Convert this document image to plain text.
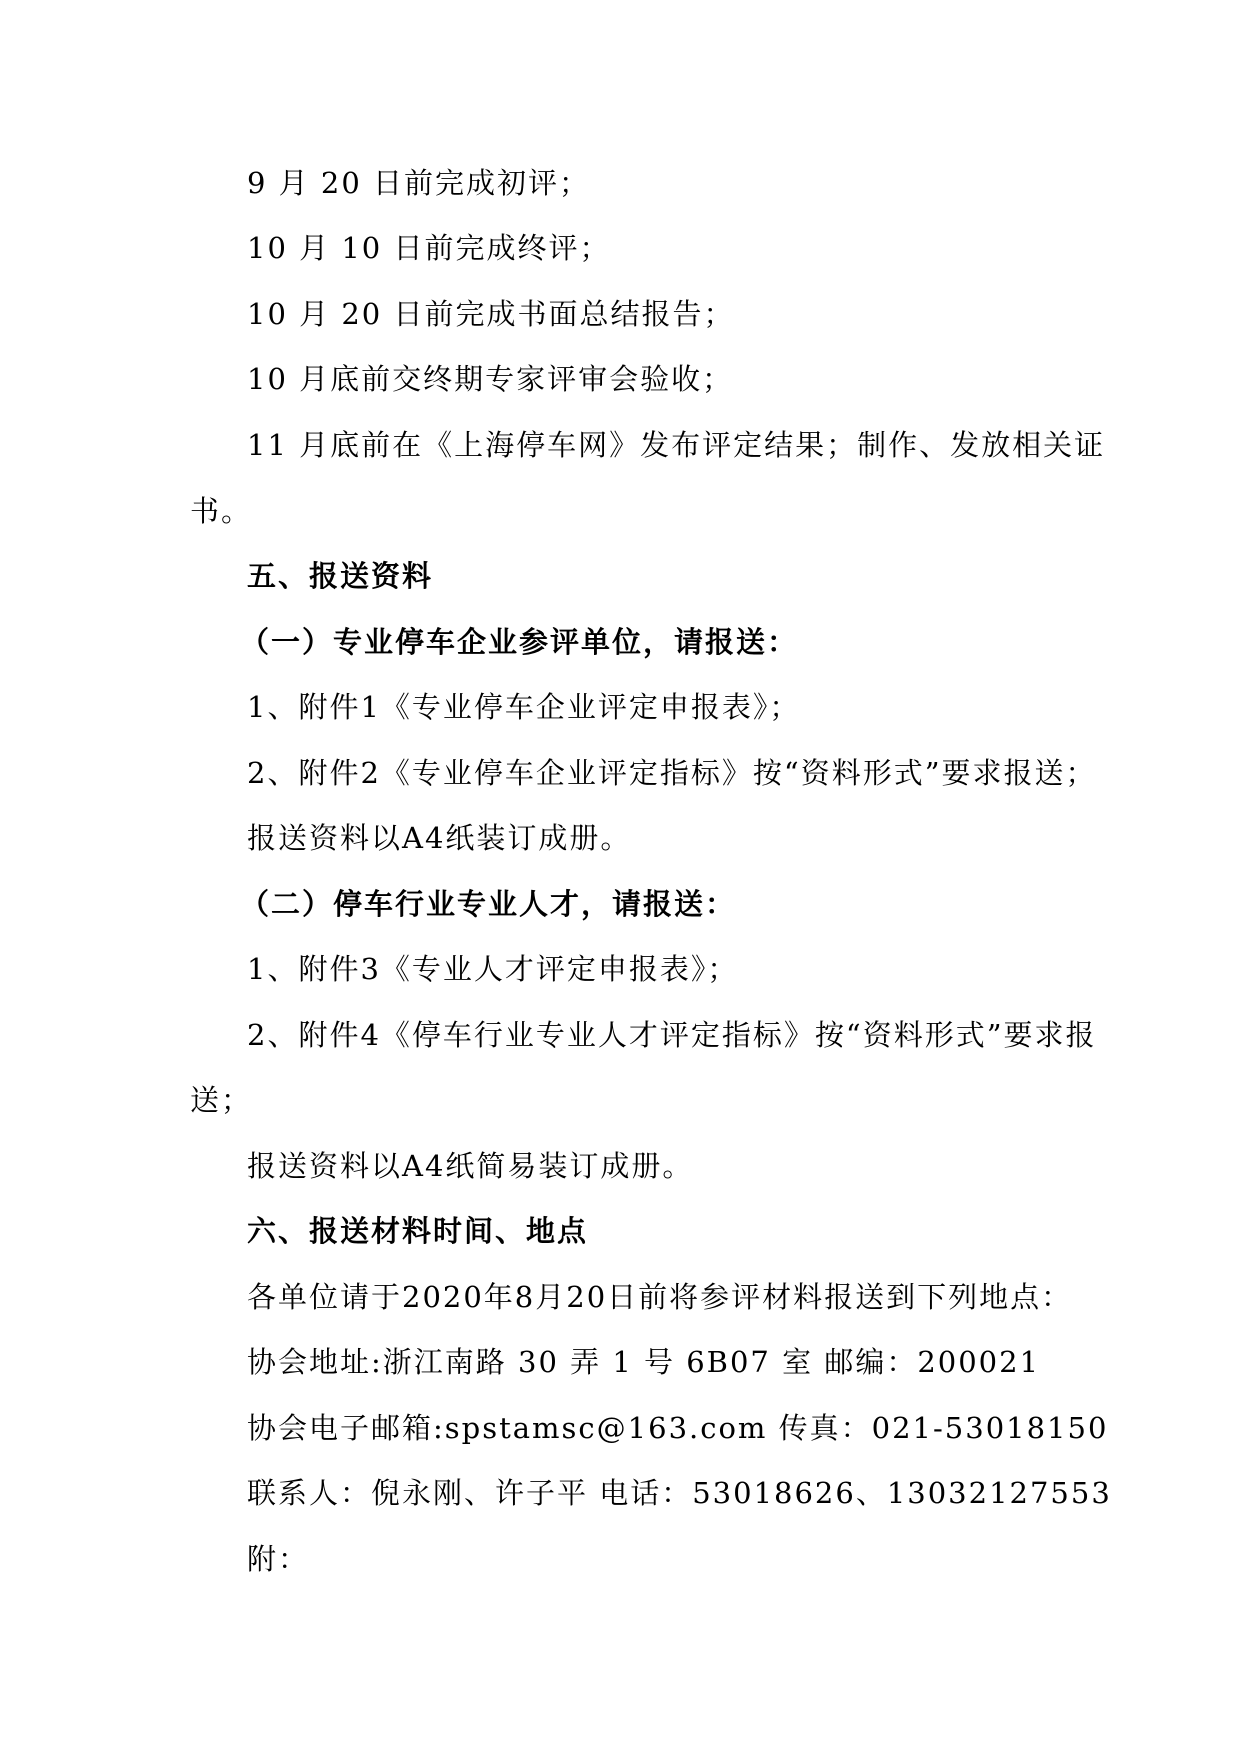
9 月 20 日前完成初评；
10 月 10 日前完成终评；
10 月 20 日前完成书面总结报告；
10 月底前交终期专家评审会验收；
11 月底前在《上海停车网》发布评定结果；制作、发放相关证
书。
五、报送资料
（一）专业停车企业参评单位，请报送：
1、附件1《专业停车企业评定申报表》；
2、附件2《专业停车企业评定指标》按“资料形式”要求报送；
报送资料以A4纸装订成册。
（二）停车行业专业人才，请报送：
1、附件3《专业人才评定申报表》；
2、附件4《停车行业专业人才评定指标》按“资料形式”要求报
送；
报送资料以A4纸简易装订成册。
六、报送材料时间、地点
各单位请于2020年8月20日前将参评材料报送到下列地点：
协会地址:浙江南路 30 弄 1 号 6B07 室 邮编：200021
协会电子邮箱:spstamsc@163.com 传真：021-53018150
联系人：倪永刚、许子平 电话：53018626、13032127553
附：
